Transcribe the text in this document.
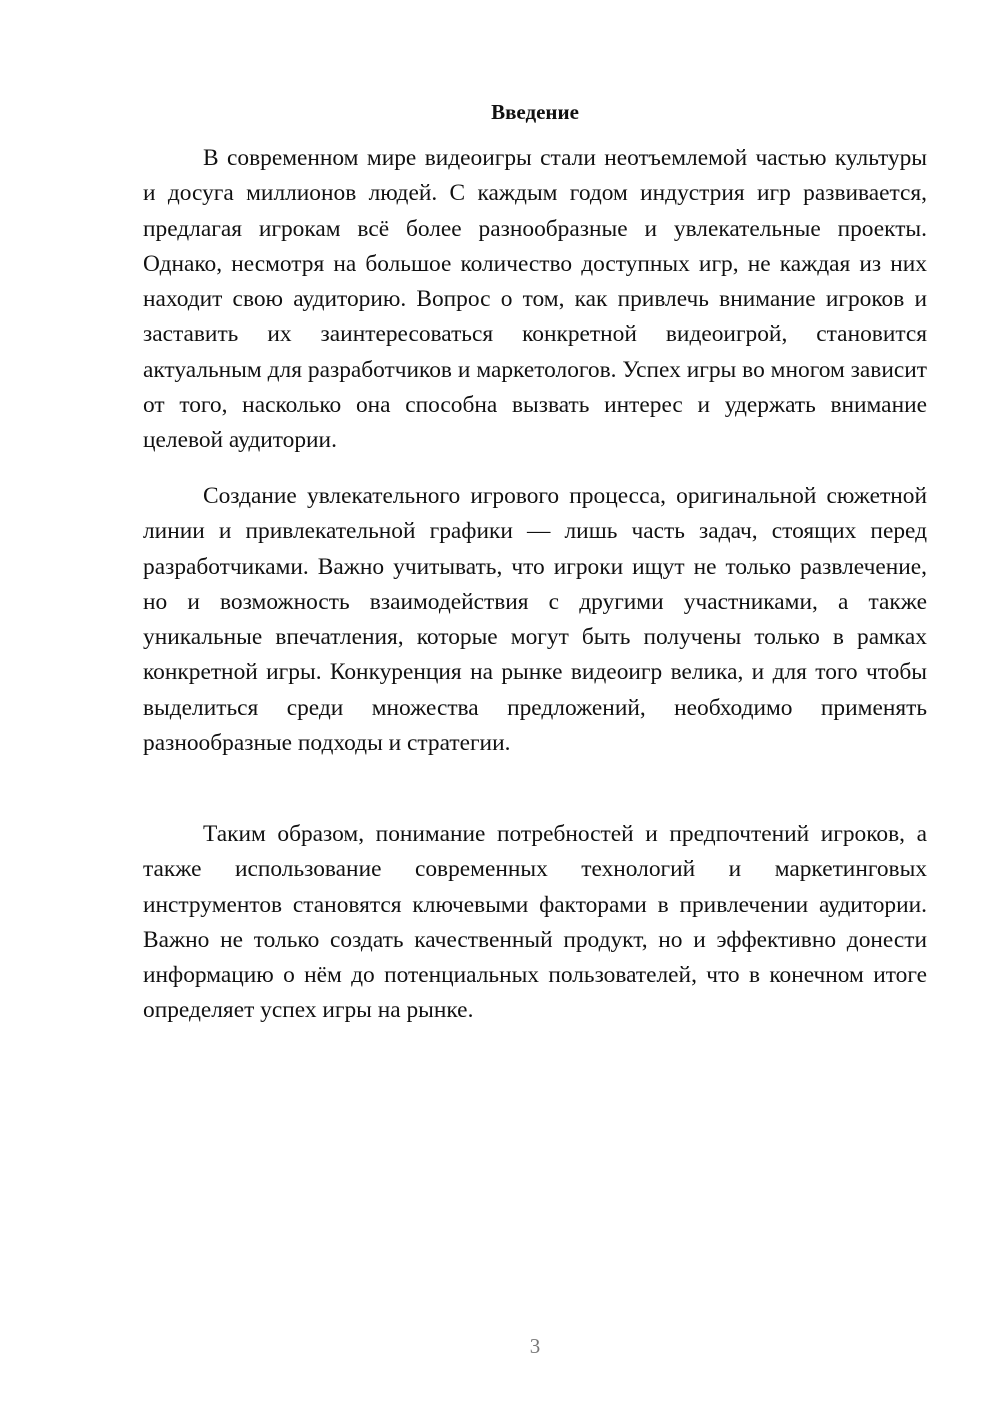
Введение

В современном мире видеоигры стали неотъемлемой частью культуры и досуга миллионов людей. С каждым годом индустрия игр развивается, предлагая игрокам всё более разнообразные и увлекательные проекты. Однако, несмотря на большое количество доступных игр, не каждая из них находит свою аудиторию. Вопрос о том, как привлечь внимание игроков и заставить их заинтересоваться конкретной видеоигрой, становится актуальным для разработчиков и маркетологов. Успех игры во многом зависит от того, насколько она способна вызвать интерес и удержать внимание целевой аудитории.

Создание увлекательного игрового процесса, оригинальной сюжетной линии и привлекательной графики — лишь часть задач, стоящих перед разработчиками. Важно учитывать, что игроки ищут не только развлечение, но и возможность взаимодействия с другими участниками, а также уникальные впечатления, которые могут быть получены только в рамках конкретной игры. Конкуренция на рынке видеоигр велика, и для того чтобы выделиться среди множества предложений, необходимо применять разнообразные подходы и стратегии.

Таким образом, понимание потребностей и предпочтений игроков, а также использование современных технологий и маркетинговых инструментов становятся ключевыми факторами в привлечении аудитории. Важно не только создать качественный продукт, но и эффективно донести информацию о нём до потенциальных пользователей, что в конечном итоге определяет успех игры на рынке.

3
